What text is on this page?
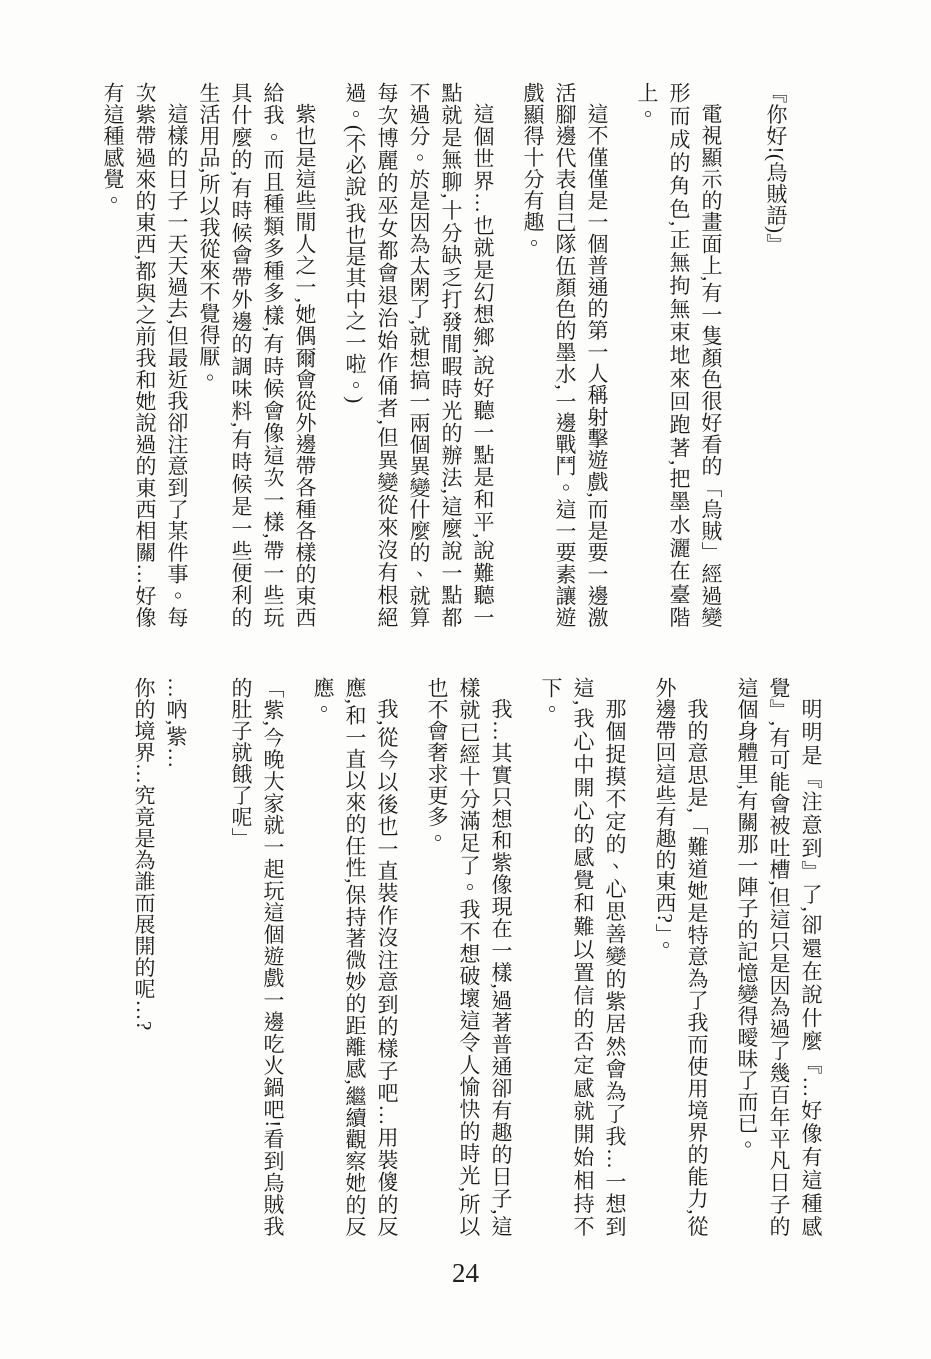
『你好!(烏賊語)』

電視顯示的畫面上,有一隻顏色很好看的「烏賊」經過變形而成的角色,正無拘無束地來回跑著,把墨水灑在臺階上。

這不僅僅是一個普通的第一人稱射擊遊戲,而是要一邊激活腳邊代表自己隊伍顏色的墨水,一邊戰鬥。這一要素讓遊戲顯得十分有趣。

這個世界…也就是幻想鄉,說好聽一點是和平,說難聽一點就是無聊,十分缺乏打發閒暇時光的辦法,這麼說一點都不過分。於是因為太閑了,就想搞一兩個異變什麼的、就算每次博麗的巫女都會退治始作俑者,但異變從來沒有根絕過。(不必說,我也是其中之一啦。)

紫也是這些閒人之一,她偶爾會從外邊帶各種各樣的東西給我。而且種類多種多樣,有時候會像這次一樣,帶一些玩具什麼的,有時候會帶外邊的調味料,有時候是一些便利的生活用品,所以我從來不覺得厭。

這樣的日子一天天過去,但最近我卻注意到了某件事。每次紫帶過來的東西,都與之前我和她說過的東西相關…好像有這種感覺。

明明是『注意到』了,卻還在說什麼『…好像有這種感覺』,有可能會被吐槽,但這只是因為過了幾百年平凡日子的這個身體里,有關那一陣子的記憶變得曖昧了而已。

我的意思是,「難道她是特意為了我而使用境界的能力,從外邊帶回這些有趣的東西?」。

那個捉摸不定的、心思善變的紫居然會為了我…一想到這,我心中開心的感覺和難以置信的否定感就開始相持不下。

我…其實只想和紫像現在一樣,過著普通卻有趣的日子,這樣就已經十分滿足了。我不想破壞這令人愉快的時光,所以也不會奢求更多。

我,從今以後也一直裝作沒注意到的樣子吧…用裝傻的反應,和一直以來的任性,保持著微妙的距離感,繼續觀察她的反應。

「紫,今晚大家就一起玩這個遊戲一邊吃火鍋吧!看到烏賊我的肚子就餓了呢」

…吶,紫…

你的境界…究竟是為誰而展開的呢…?

24
